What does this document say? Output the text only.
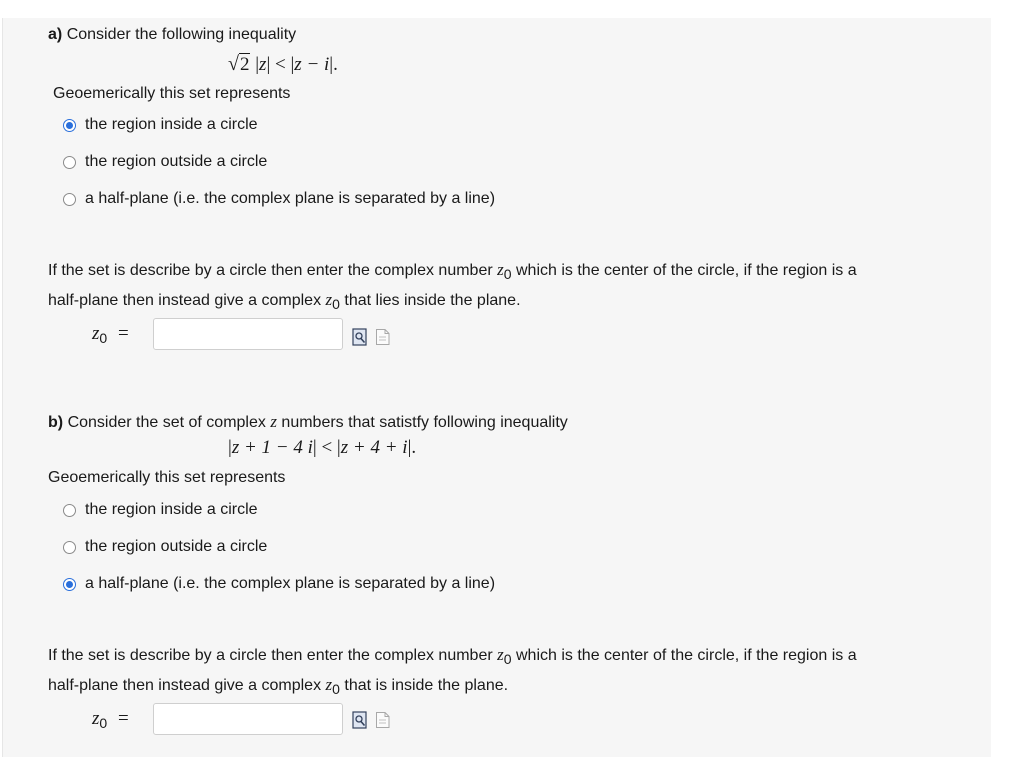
a) Consider the following inequality
√2 |z| < |z − i|.
Geoemerically this set represents
the region inside a circle
the region outside a circle
a half-plane (i.e. the complex plane is separated by a line)
If the set is describe by a circle then enter the complex number $z_0$ which is the center of the circle, if the region is a
half-plane then instead give a complex $z_0$ that lies inside the plane.
$z_0$ =
b) Consider the set of complex z numbers that satistfy following inequality
|z + 1 − 4 i| < |z + 4 + i|.
Geoemerically this set represents
the region inside a circle
the region outside a circle
a half-plane (i.e. the complex plane is separated by a line)
If the set is describe by a circle then enter the complex number $z_0$ which is the center of the circle, if the region is a
half-plane then instead give a complex $z_0$ that is inside the plane.
$z_0$ =
